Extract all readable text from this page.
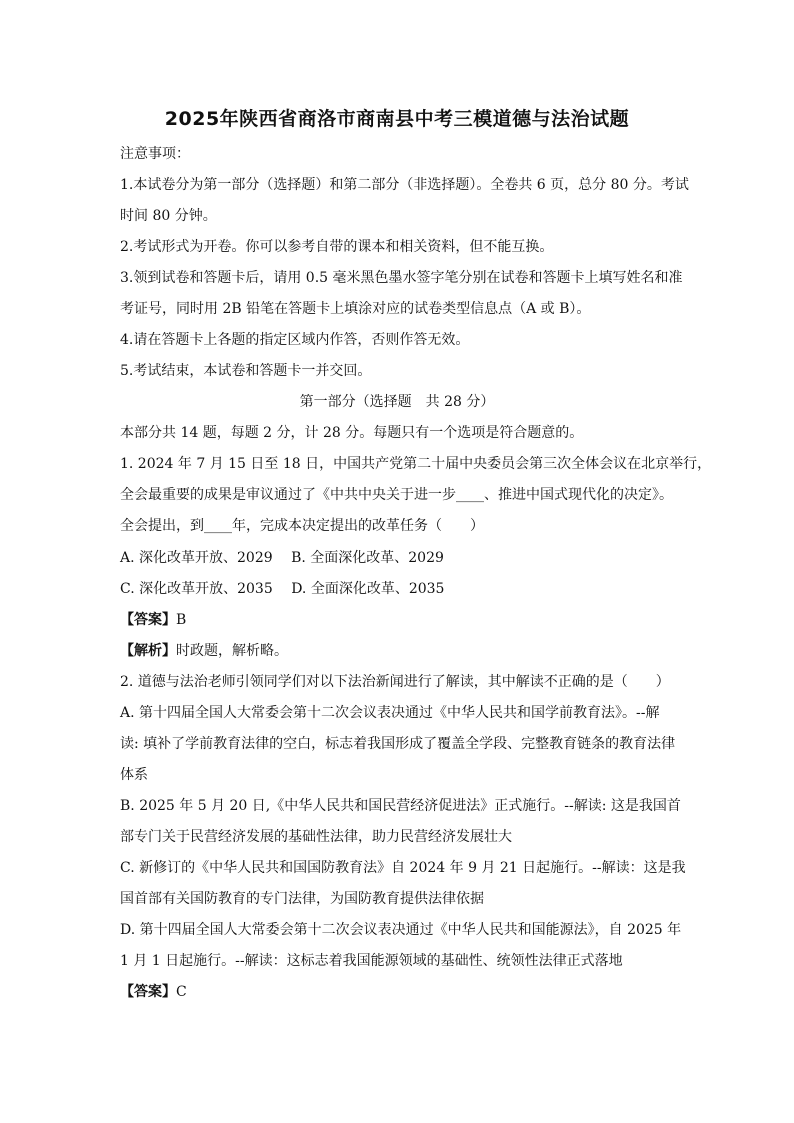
2025年陕西省商洛市商南县中考三模道德与法治试题
注意事项：
1.本试卷分为第一部分（选择题）和第二部分（非选择题）。全卷共 6 页，总分 80 分。考试
时间 80 分钟。
2.考试形式为开卷。你可以参考自带的课本和相关资料，但不能互换。
3.领到试卷和答题卡后，请用 0.5 毫米黑色墨水签字笔分别在试卷和答题卡上填写姓名和准
考证号，同时用 2B 铅笔在答题卡上填涂对应的试卷类型信息点（A 或 B）。
4.请在答题卡上各题的指定区域内作答，否则作答无效。
5.考试结束，本试卷和答题卡一并交回。
第一部分（选择题　共 28 分）
本部分共 14 题，每题 2 分，计 28 分。每题只有一个选项是符合题意的。
1. 2024 年 7 月 15 日至 18 日，中国共产党第二十届中央委员会第三次全体会议在北京举行，
全会最重要的成果是审议通过了《中共中央关于进一步____、推进中国式现代化的决定》。
全会提出，到____年，完成本决定提出的改革任务（　　）
A. 深化改革开放、2029　 B. 全面深化改革、2029
C. 深化改革开放、2035　 D. 全面深化改革、2035
【答案】B
【解析】时政题，解析略。
2. 道德与法治老师引领同学们对以下法治新闻进行了解读，其中解读不正确的是（　　）
A. 第十四届全国人大常委会第十二次会议表决通过《中华人民共和国学前教育法》。--解
读: 填补了学前教育法律的空白，标志着我国形成了覆盖全学段、完整教育链条的教育法律
体系
B. 2025 年 5 月 20 日,《中华人民共和国民营经济促进法》正式施行。--解读: 这是我国首
部专门关于民营经济发展的基础性法律，助力民营经济发展壮大
C. 新修订的《中华人民共和国国防教育法》自 2024 年 9 月 21 日起施行。--解读：这是我
国首部有关国防教育的专门法律，为国防教育提供法律依据
D. 第十四届全国人大常委会第十二次会议表决通过《中华人民共和国能源法》，自 2025 年
1 月 1 日起施行。--解读：这标志着我国能源领域的基础性、统领性法律正式落地
【答案】C
